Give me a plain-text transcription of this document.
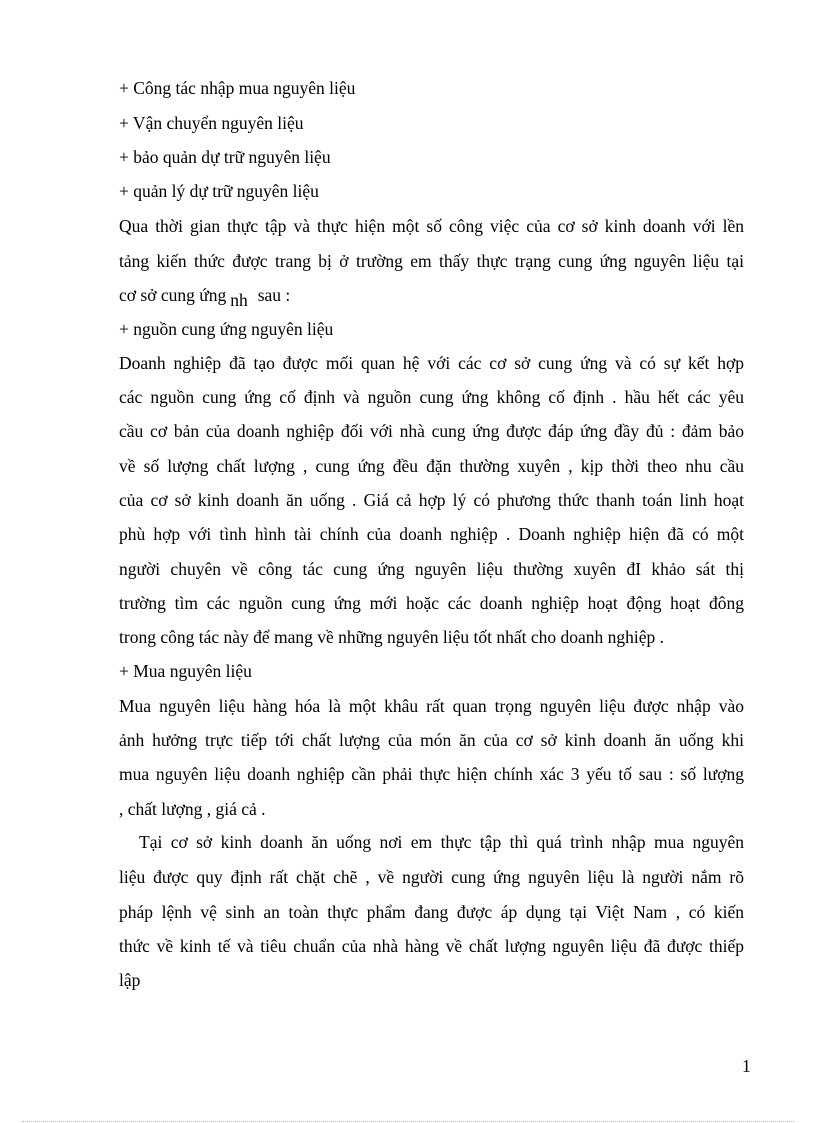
+ Công tác nhập mua nguyên liệu
+ Vận chuyển nguyên liệu
+ bảo quản dự trữ nguyên liệu
+ quản lý dự trữ nguyên liệu
Qua thời gian thực tập và thực hiện một số công việc của cơ sở kinh doanh với lền
tảng kiến thức được trang bị ở trường em thấy thực trạng cung ứng nguyên liệu tại
cơ sở cung ứng nh sau :
+ nguồn cung ứng nguyên liệu
Doanh nghiệp đã tạo được mối quan hệ với các cơ sở cung ứng và có sự kết hợp
các nguồn cung ứng cố định và nguồn cung ứng không cố định . hầu hết các yêu
cầu cơ bản của doanh nghiệp đối với nhà cung ứng được đáp ứng đầy đủ : đảm bảo
về số lượng chất lượng , cung ứng đều đặn thường xuyên , kịp thời theo nhu cầu
của cơ sở kinh doanh ăn uống . Giá cả hợp lý có phương thức thanh toán linh hoạt
phù hợp với tình hình tài chính của doanh nghiệp . Doanh nghiệp hiện đã có một
người chuyên về công tác cung ứng nguyên liệu thường xuyên đI khảo sát thị
trường tìm các nguồn cung ứng mới hoặc các doanh nghiệp hoạt động hoạt đông
trong công tác này để mang về những nguyên liệu tốt nhất cho doanh nghiệp .
+ Mua nguyên liệu
Mua nguyên liệu hàng hóa là một khâu rất quan trọng nguyên liệu được nhập vào
ảnh hưởng trực tiếp tới chất lượng của món ăn của cơ sở kinh doanh ăn uống khi
mua nguyên liệu doanh nghiệp cần phải thực hiện chính xác 3 yếu tố sau : số lượng
, chất lượng , giá cả .
Tại cơ sở kinh doanh ăn uống nơi em thực tập thì quá trình nhập mua nguyên
liệu được quy định rất chặt chẽ , về người cung ứng nguyên liệu là người nắm rõ
pháp lệnh vệ sinh an toàn thực phẩm đang được áp dụng tại Việt Nam , có kiến
thức về kinh tế và tiêu chuẩn của nhà hàng về chất lượng nguyên liệu đã được thiếp
lập
1
